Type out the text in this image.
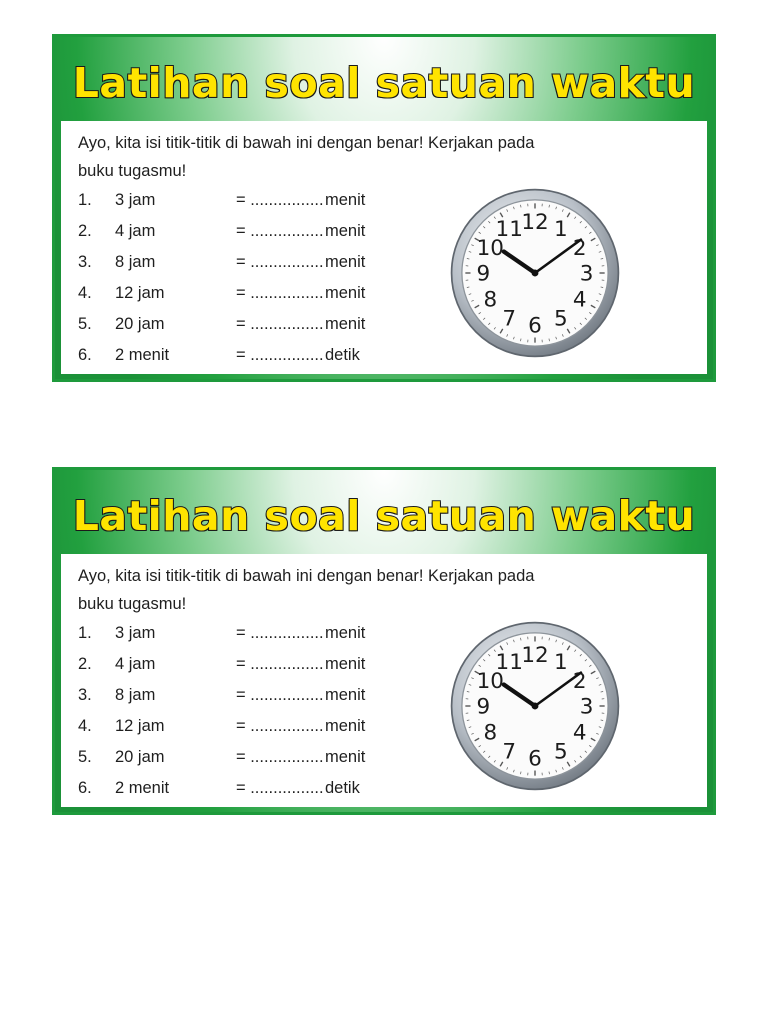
Latihan soal satuan waktu
Ayo, kita isi titik-titik di bawah ini dengan benar! Kerjakan pada
buku tugasmu!
1. 3 jam	= ................ menit
2. 4 jam	= ................ menit
3. 8 jam	= ................ menit
4. 12 jam	= ................ menit
5. 20 jam	= ................ menit
6. 2 menit	= ................ detik
12 1
2
3
4
5
6
7
8
9
10
11
Latihan soal satuan waktu
Ayo, kita isi titik-titik di bawah ini dengan benar! Kerjakan pada
buku tugasmu!
1. 3 jam	= ................ menit
2. 4 jam	= ................ menit
3. 8 jam	= ................ menit
4. 12 jam	= ................ menit
5. 20 jam	= ................ menit
6. 2 menit	= ................ detik
12 1
2
3
4
5
6
7
8
9
10
11
